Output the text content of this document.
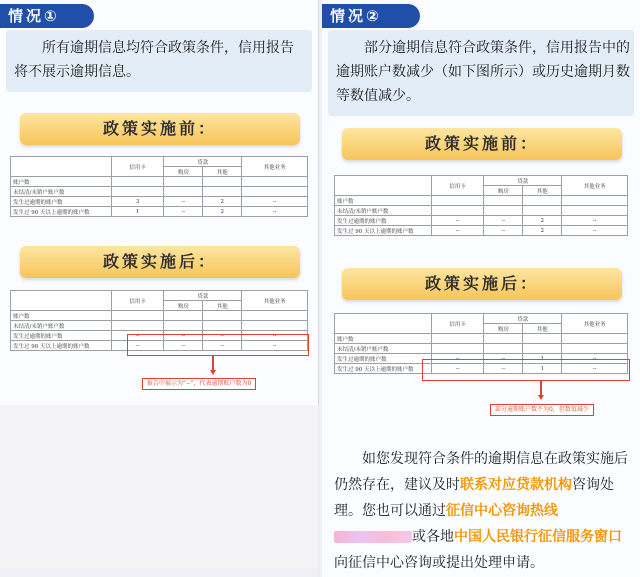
情况①
所有逾期信息均符合政策条件，信用报告将不展示逾期信息。
政策实施前：
	信用卡	贷款		其他业务
		购房	其他	
账户数				
未结清/未销户账户数				
发生过逾期的账户数	3	--	2	--
发生过 90 天以上逾期的账户数	1	--	2	--
政策实施后：
	信用卡	贷款		其他业务
		购房	其他	
账户数				
未结清/未销户账户数				
发生过逾期的账户数	--	--	--	--
发生过 90 天以上逾期的账户数	--	--	--	--
报告中展示为“--”，代表逾期账户数为0
情况②
部分逾期信息符合政策条件，信用报告中的逾期账户数减少（如下图所示）或历史逾期月数等数值减少。
政策实施前：
	信用卡	贷款		其他业务
		购房	其他	
账户数				
未结清/未销户账户数				
发生过逾期的账户数	--	--	2	--
发生过 90 天以上逾期的账户数	--	--	2	--
政策实施后：
	信用卡	贷款		其他业务
		购房	其他	
账户数				
未结清/未销户账户数				
发生过逾期的账户数	--	--	1	--
发生过 90 天以上逾期的账户数	--	--	1	--
部分逾期账户数不为0，但数值减少
如您发现符合条件的逾期信息在政策实施后仍然存在，建议及时联系对应贷款机构咨询处理。您也可以通过征信中心咨询热线或各地中国人民银行征信服务窗口向征信中心咨询或提出处理申请。
